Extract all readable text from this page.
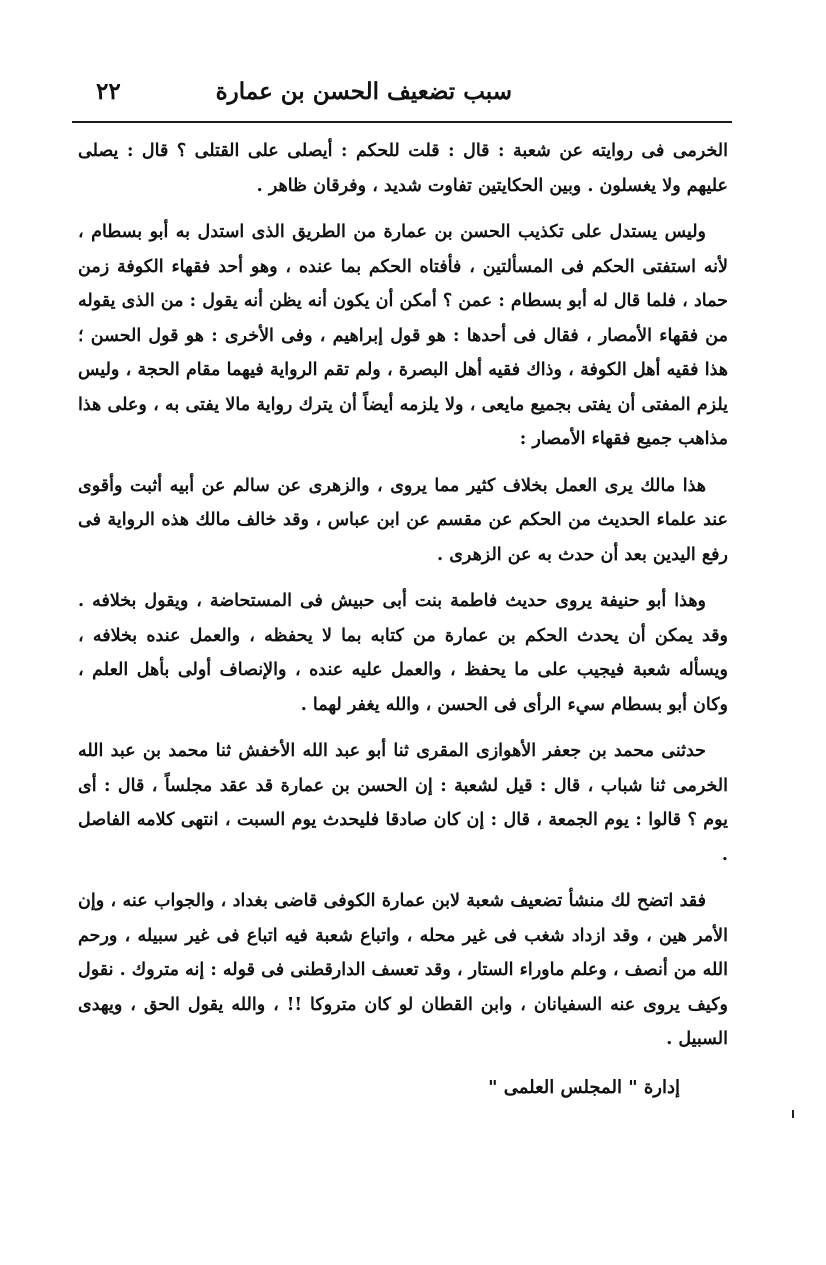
سبب تضعيف الحسن بن عمارة
٢٢

الخرمى فى روايته عن شعبة : قال : قلت للحكم : أيصلى على القتلى ؟ قال : يصلى عليهم ولا يغسلون . وبين الحكايتين تفاوت شديد ، وفرقان ظاهر .

وليس يستدل على تكذيب الحسن بن عمارة من الطريق الذى استدل به أبو بسطام ، لأنه استفتى الحكم فى المسألتين ، فأفتاه الحكم بما عنده ، وهو أحد فقهاء الكوفة زمن حماد ، فلما قال له أبو بسطام : عمن ؟ أمكن أن يكون أنه يظن أنه يقول : من الذى يقوله من فقهاء الأمصار ، فقال فى أحدها : هو قول إبراهيم ، وفى الأخرى : هو قول الحسن ؛ هذا فقيه أهل الكوفة ، وذاك فقيه أهل البصرة ، ولم تقم الرواية فيهما مقام الحجة ، وليس يلزم المفتى أن يفتى بجميع مايعى ، ولا يلزمه أيضاً أن يترك رواية مالا يفتى به ، وعلى هذا مذاهب جميع فقهاء الأمصار :

هذا مالك يرى العمل بخلاف كثير مما يروى ، والزهرى عن سالم عن أبيه أثبت وأقوى عند علماء الحديث من الحكم عن مقسم عن ابن عباس ، وقد خالف مالك هذه الرواية فى رفع اليدين بعد أن حدث به عن الزهرى .

وهذا أبو حنيفة يروى حديث فاطمة بنت أبى حبيش فى المستحاضة ، ويقول بخلافه . وقد يمكن أن يحدث الحكم بن عمارة من كتابه بما لا يحفظه ، والعمل عنده بخلافه ، ويسأله شعبة فيجيب على ما يحفظ ، والعمل عليه عنده ، والإنصاف أولى بأهل العلم ، وكان أبو بسطام سيء الرأى فى الحسن ، والله يغفر لهما .

حدثنى محمد بن جعفر الأهوازى المقرى ثنا أبو عبد الله الأخفش ثنا محمد بن عبد الله الخرمى ثنا شباب ، قال : قيل لشعبة : إن الحسن بن عمارة قد عقد مجلساً ، قال : أى يوم ؟ قالوا : يوم الجمعة ، قال : إن كان صادقا فليحدث يوم السبت ، انتهى كلامه الفاصل .

فقد اتضح لك منشأ تضعيف شعبة لابن عمارة الكوفى قاضى بغداد ، والجواب عنه ، وإن الأمر هين ، وقد ازداد شغب فى غير محله ، واتباع شعبة فيه اتباع فى غير سبيله ، ورحم الله من أنصف ، وعلم ماوراء الستار ، وقد تعسف الدارقطنى فى قوله : إنه متروك . نقول وكيف يروى عنه السفيانان ، وابن القطان لو كان متروكا !! ، والله يقول الحق ، ويهدى السبيل .

إدارة " المجلس العلمى "
